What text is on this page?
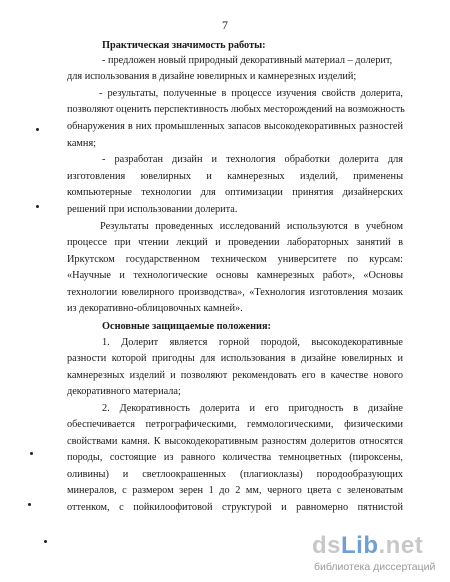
7
Практическая значимость работы:
- предложен новый природный декоративный материал – долерит,
для использования в дизайне ювелирных и камнерезных изделий;
- результаты, полученные в процессе изучения свойств долерита,
позволяют оценить перспективность любых месторождений на возможность
обнаружения в них промышленных запасов высокодекоративных разностей
камня;
- разработан дизайн и технология обработки долерита для
изготовления ювелирных и камнерезных изделий, применены
компьютерные технологии для оптимизации принятия дизайнерских
решений при использовании долерита.
Результаты проведенных исследований используются в учебном
процессе при чтении лекций и проведении лабораторных занятий в
Иркутском государственном техническом университете по курсам:
«Научные и технологические основы камнерезных работ», «Основы
технологии ювелирного производства», «Технология изготовления мозаик
из декоративно-облицовочных камней».
Основные защищаемые положения:
1. Долерит является горной породой, высокодекоративные
разности которой пригодны для использования в дизайне ювелирных и
камнерезных изделий и позволяют рекомендовать его в качестве нового
декоративного материала;
2. Декоративность долерита и его пригодность в дизайне
обеспечивается петрографическими, геммологическими, физическими
свойствами камня. К высокодекоративным разностям долеритов относятся
породы, состоящие из равного количества темноцветных (пироксены,
оливины) и светлоокрашенных (плагиоклазы) породообразующих
минералов, с размером зерен 1 до 2 мм, черного цвета с зеленоватым
оттенком, с пойкилоофитовой структурой и равномерно пятнистой
dsLib.net
библиотека диссертаций
